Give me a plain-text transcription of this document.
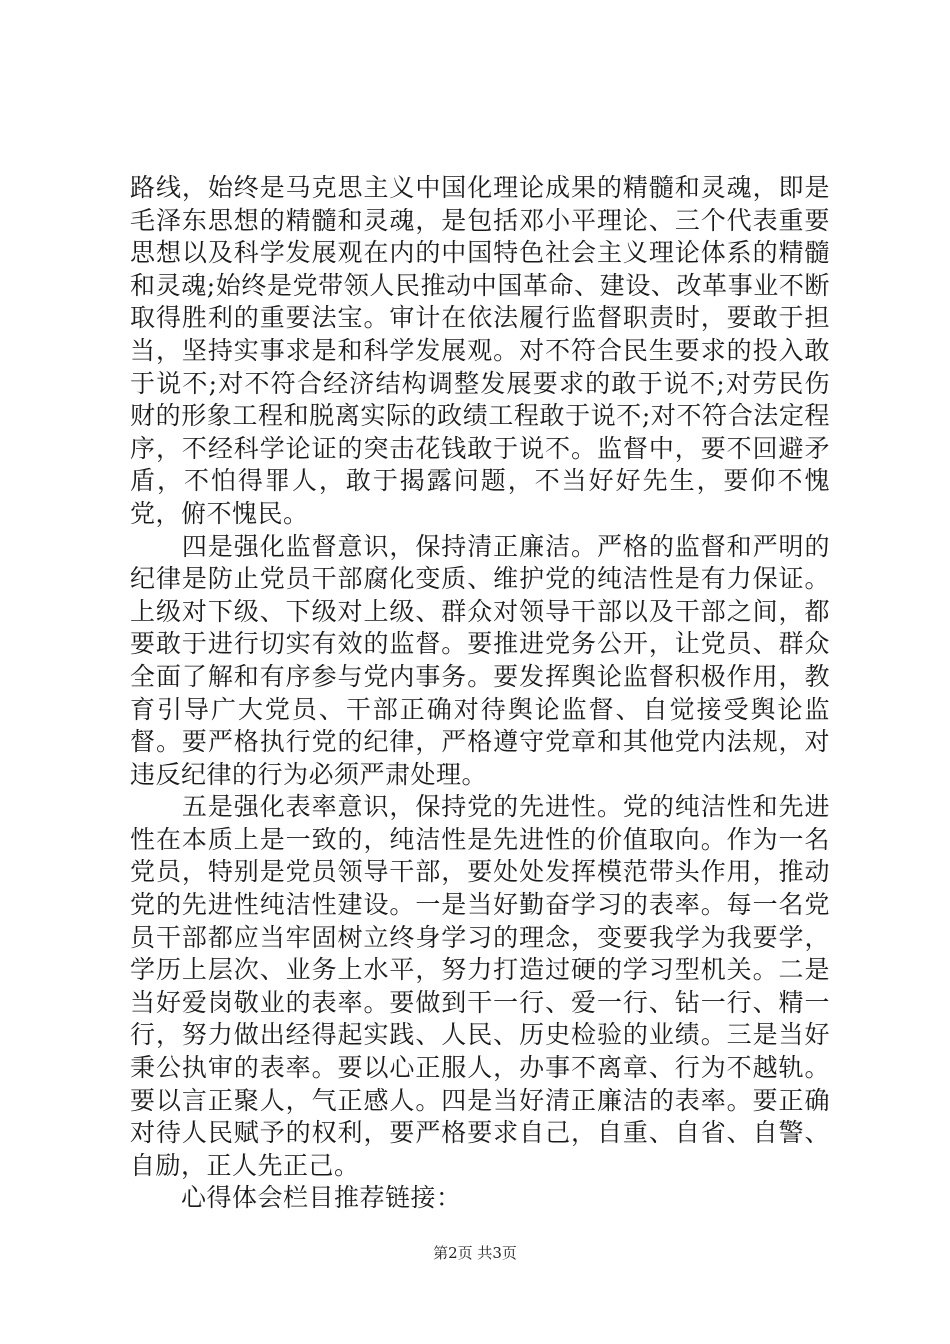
路线，始终是马克思主义中国化理论成果的精髓和灵魂，即是毛泽东思想的精髓和灵魂，是包括邓小平理论、三个代表重要思想以及科学发展观在内的中国特色社会主义理论体系的精髓和灵魂;始终是党带领人民推动中国革命、建设、改革事业不断取得胜利的重要法宝。审计在依法履行监督职责时，要敢于担当，坚持实事求是和科学发展观。对不符合民生要求的投入敢于说不;对不符合经济结构调整发展要求的敢于说不;对劳民伤财的形象工程和脱离实际的政绩工程敢于说不;对不符合法定程序，不经科学论证的突击花钱敢于说不。监督中，要不回避矛盾，不怕得罪人，敢于揭露问题，不当好好先生，要仰不愧党，俯不愧民。

　　四是强化监督意识，保持清正廉洁。严格的监督和严明的纪律是防止党员干部腐化变质、维护党的纯洁性是有力保证。上级对下级、下级对上级、群众对领导干部以及干部之间，都要敢于进行切实有效的监督。要推进党务公开，让党员、群众全面了解和有序参与党内事务。要发挥舆论监督积极作用，教育引导广大党员、干部正确对待舆论监督、自觉接受舆论监督。要严格执行党的纪律，严格遵守党章和其他党内法规，对违反纪律的行为必须严肃处理。

　　五是强化表率意识，保持党的先进性。党的纯洁性和先进性在本质上是一致的，纯洁性是先进性的价值取向。作为一名党员，特别是党员领导干部，要处处发挥模范带头作用，推动党的先进性纯洁性建设。一是当好勤奋学习的表率。每一名党员干部都应当牢固树立终身学习的理念，变要我学为我要学，学历上层次、业务上水平，努力打造过硬的学习型机关。二是当好爱岗敬业的表率。要做到干一行、爱一行、钻一行、精一行，努力做出经得起实践、人民、历史检验的业绩。三是当好秉公执审的表率。要以心正服人，办事不离章、行为不越轨。要以言正聚人，气正感人。四是当好清正廉洁的表率。要正确对待人民赋予的权利，要严格要求自己，自重、自省、自警、自励，正人先正己。

　　心得体会栏目推荐链接：

第2页 共3页
